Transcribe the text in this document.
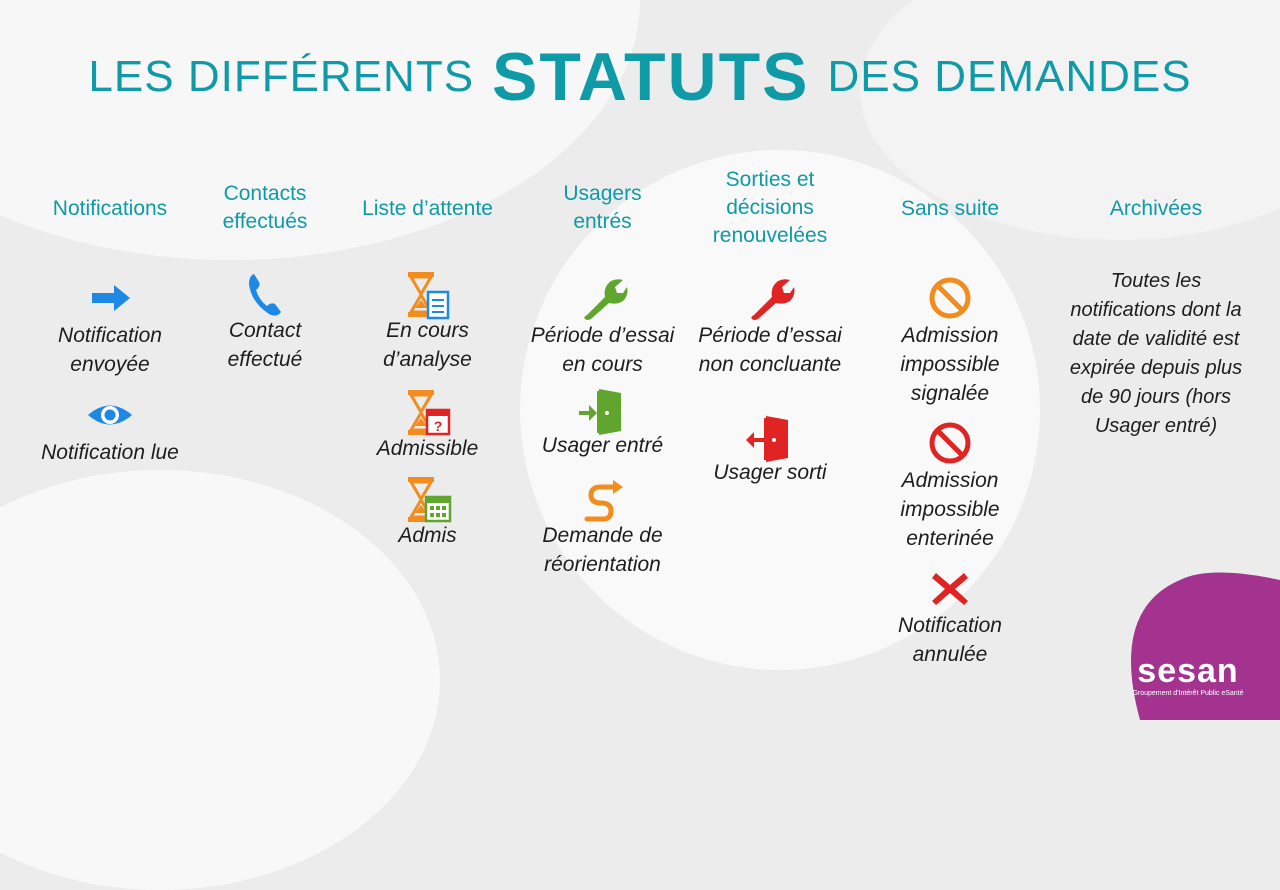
LES DIFFÉRENTS STATUTS DES DEMANDES
Notifications
Notification envoyée
Notification lue
Contacts
effectués
Contact effectué
Liste d’attente
En cours d’analyse
?
Admissible
Admis
Usagers
entrés
Période d’essai en cours
Usager entré
Demande de réorientation
Sorties et
décisions
renouvelées
Période d’essai non concluante
Usager sorti
Sans suite
Admission impossible signalée
Admission impossible enterinée
Notification annulée
Archivées
Toutes les notifications dont la date de validité est expirée depuis plus de 90 jours (hors Usager entré)
sesan
Groupement d'Intérêt Public eSanté
